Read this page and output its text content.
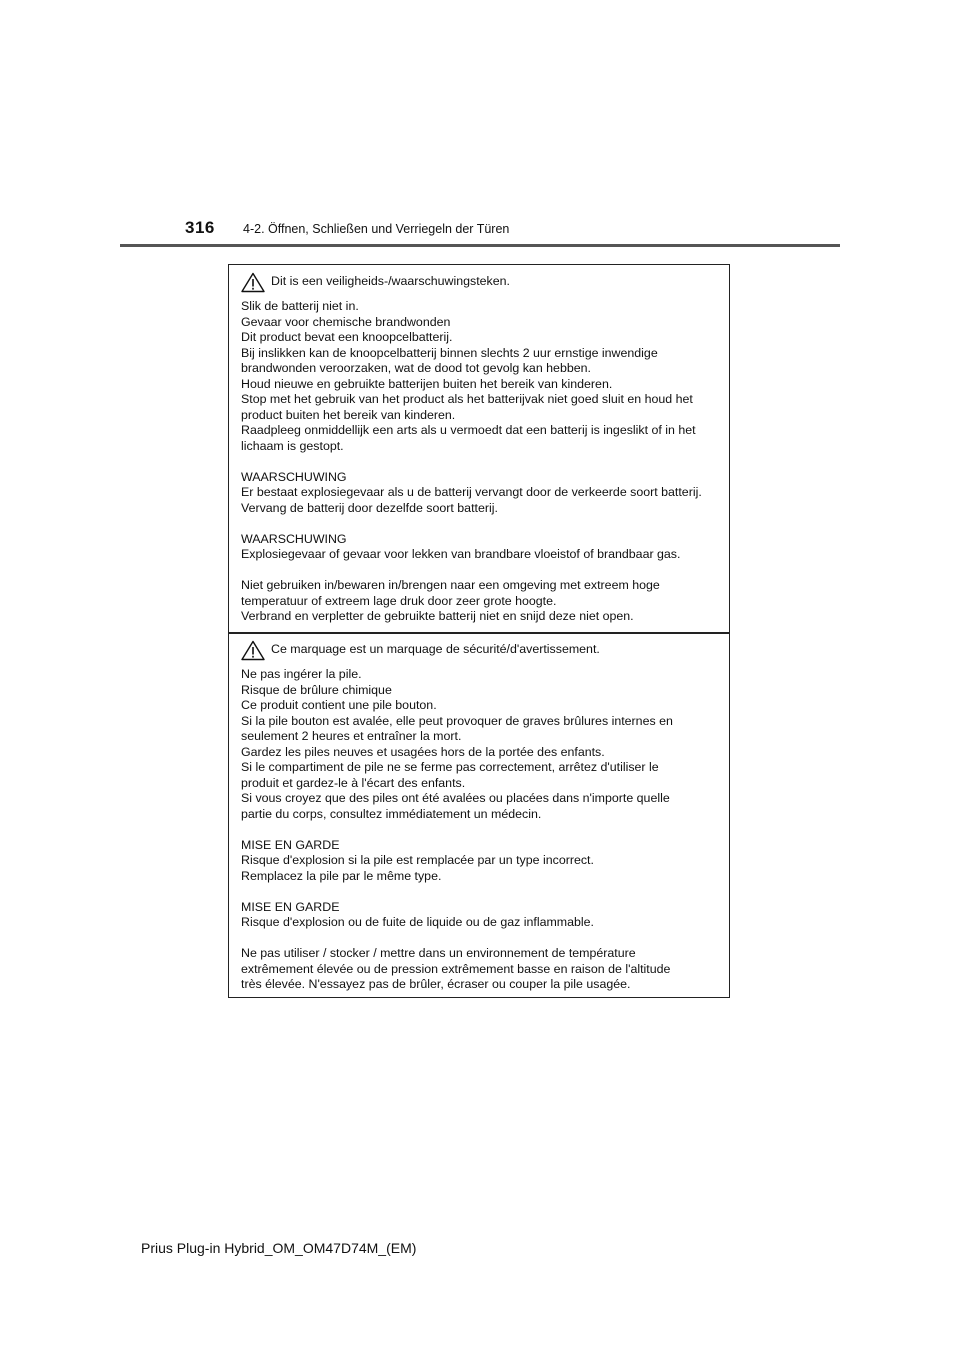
316 4-2. Öffnen, Schließen und Verriegeln der Türen
Dit is een veiligheids-/waarschuwingsteken.
Slik de batterij niet in.
Gevaar voor chemische brandwonden
Dit product bevat een knoopcelbatterij.
Bij inslikken kan de knoopcelbatterij binnen slechts 2 uur ernstige inwendige
brandwonden veroorzaken, wat de dood tot gevolg kan hebben.
Houd nieuwe en gebruikte batterijen buiten het bereik van kinderen.
Stop met het gebruik van het product als het batterijvak niet goed sluit en houd het
product buiten het bereik van kinderen.
Raadpleeg onmiddellijk een arts als u vermoedt dat een batterij is ingeslikt of in het
lichaam is gestopt.
WAARSCHUWING
Er bestaat explosiegevaar als u de batterij vervangt door de verkeerde soort batterij.
Vervang de batterij door dezelfde soort batterij.
WAARSCHUWING
Explosiegevaar of gevaar voor lekken van brandbare vloeistof of brandbaar gas.
Niet gebruiken in/bewaren in/brengen naar een omgeving met extreem hoge
temperatuur of extreem lage druk door zeer grote hoogte.
Verbrand en verpletter de gebruikte batterij niet en snijd deze niet open.
Ce marquage est un marquage de sécurité/d'avertissement.
Ne pas ingérer la pile.
Risque de brûlure chimique
Ce produit contient une pile bouton.
Si la pile bouton est avalée, elle peut provoquer de graves brûlures internes en
seulement 2 heures et entraîner la mort.
Gardez les piles neuves et usagées hors de la portée des enfants.
Si le compartiment de pile ne se ferme pas correctement, arrêtez d'utiliser le
produit et gardez-le à l'écart des enfants.
Si vous croyez que des piles ont été avalées ou placées dans n'importe quelle
partie du corps, consultez immédiatement un médecin.
MISE EN GARDE
Risque d'explosion si la pile est remplacée par un type incorrect.
Remplacez la pile par le même type.
MISE EN GARDE
Risque d'explosion ou de fuite de liquide ou de gaz inflammable.
Ne pas utiliser / stocker / mettre dans un environnement de température
extrêmement élevée ou de pression extrêmement basse en raison de l'altitude
très élevée. N'essayez pas de brûler, écraser ou couper la pile usagée.
Prius Plug-in Hybrid_OM_OM47D74M_(EM)
